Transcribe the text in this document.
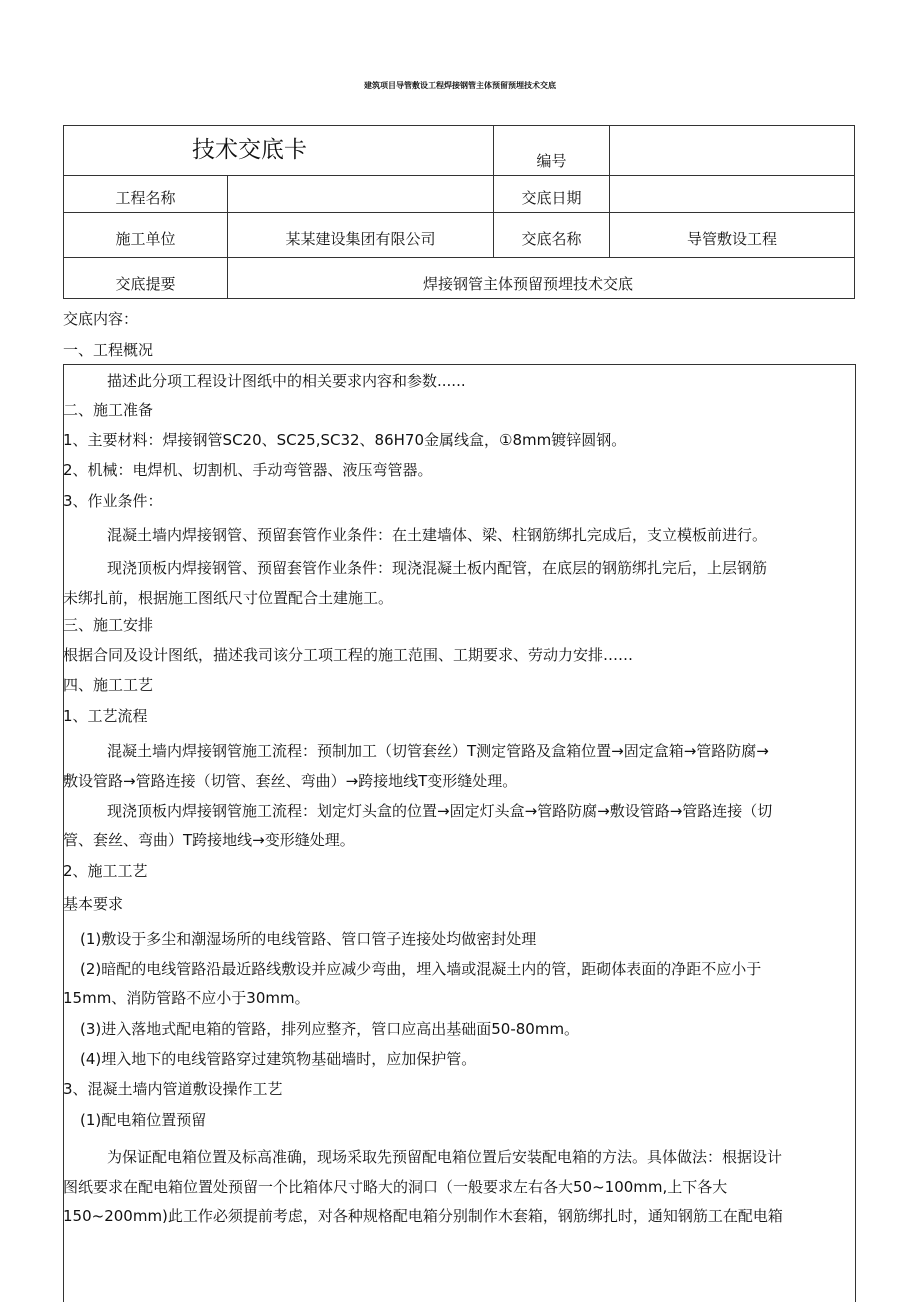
建筑项目导管敷设工程焊接钢管主体预留预埋技术交底
技术交底卡		编号	
工程名称		交底日期	
施工单位	某某建设集团有限公司	交底名称	导管敷设工程
交底提要	焊接钢管主体预留预埋技术交底		
交底内容：
一、工程概况
描述此分项工程设计图纸中的相关要求内容和参数......
二、施工准备
1、主要材料：焊接钢管SC20、SC25,SC32、86H70金属线盒，①8mm镀锌圆钢。
2、机械：电焊机、切割机、手动弯管器、液压弯管器。
3、作业条件：
混凝土墙内焊接钢管、预留套管作业条件：在土建墙体、梁、柱钢筋绑扎完成后，支立模板前进行。
现浇顶板内焊接钢管、预留套管作业条件：现浇混凝土板内配管，在底层的钢筋绑扎完后，上层钢筋
未绑扎前，根据施工图纸尺寸位置配合土建施工。
三、施工安排
根据合同及设计图纸，描述我司该分工项工程的施工范围、工期要求、劳动力安排……
四、施工工艺
1、工艺流程
混凝土墙内焊接钢管施工流程：预制加工（切管套丝）T测定管路及盒箱位置→固定盒箱→管路防腐→
敷设管路→管路连接（切管、套丝、弯曲）→跨接地线T变形缝处理。
现浇顶板内焊接钢管施工流程：划定灯头盒的位置→固定灯头盒→管路防腐→敷设管路→管路连接（切
管、套丝、弯曲）T跨接地线→变形缝处理。
2、施工工艺
基本要求
(1)敷设于多尘和潮湿场所的电线管路、管口管子连接处均做密封处理
(2)暗配的电线管路沿最近路线敷设并应减少弯曲，埋入墙或混凝土内的管，距砌体表面的净距不应小于
15mm、消防管路不应小于30mm。
(3)进入落地式配电箱的管路，排列应整齐，管口应高出基础面50-80mm。
(4)埋入地下的电线管路穿过建筑物基础墙时，应加保护管。
3、混凝土墙内管道敷设操作工艺
(1)配电箱位置预留
为保证配电箱位置及标高准确，现场采取先预留配电箱位置后安装配电箱的方法。具体做法：根据设计
图纸要求在配电箱位置处预留一个比箱体尺寸略大的洞口（一般要求左右各大50~100mm,上下各大
150~200mm)此工作必须提前考虑，对各种规格配电箱分别制作木套箱，钢筋绑扎时，通知钢筋工在配电箱
